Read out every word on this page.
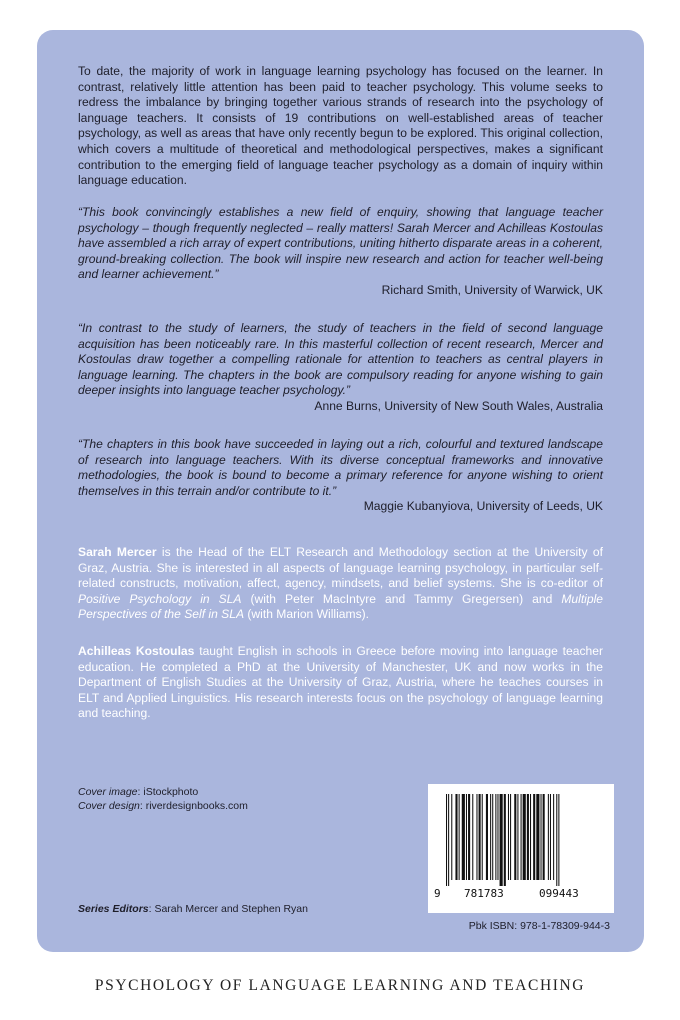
To date, the majority of work in language learning psychology has focused on the learner. In contrast, relatively little attention has been paid to teacher psychology. This volume seeks to redress the imbalance by bringing together various strands of research into the psychology of language teachers. It consists of 19 contributions on well-established areas of teacher psychology, as well as areas that have only recently begun to be explored. This original collection, which covers a multitude of theoretical and methodological perspectives, makes a significant contribution to the emerging field of language teacher psychology as a domain of inquiry within language education.

“This book convincingly establishes a new field of enquiry, showing that language teacher psychology – though frequently neglected – really matters! Sarah Mercer and Achilleas Kostoulas have assembled a rich array of expert contributions, uniting hitherto disparate areas in a coherent, ground-breaking collection. The book will inspire new research and action for teacher well-being and learner achievement.”

Richard Smith, University of Warwick, UK

“In contrast to the study of learners, the study of teachers in the field of second language acquisition has been noticeably rare. In this masterful collection of recent research, Mercer and Kostoulas draw together a compelling rationale for attention to teachers as central players in language learning. The chapters in the book are compulsory reading for anyone wishing to gain deeper insights into language teacher psychology.”

Anne Burns, University of New South Wales, Australia

“The chapters in this book have succeeded in laying out a rich, colourful and textured landscape of research into language teachers. With its diverse conceptual frameworks and innovative methodologies, the book is bound to become a primary reference for anyone wishing to orient themselves in this terrain and/or contribute to it.”

Maggie Kubanyiova, University of Leeds, UK

Sarah Mercer is the Head of the ELT Research and Methodology section at the University of Graz, Austria. She is interested in all aspects of language learning psychology, in particular self-related constructs, motivation, affect, agency, mindsets, and belief systems. She is co-editor of Positive Psychology in SLA (with Peter MacIntyre and Tammy Gregersen) and Multiple Perspectives of the Self in SLA (with Marion Williams).

Achilleas Kostoulas taught English in schools in Greece before moving into language teacher education. He completed a PhD at the University of Manchester, UK and now works in the Department of English Studies at the University of Graz, Austria, where he teaches courses in ELT and Applied Linguistics. His research interests focus on the psychology of language learning and teaching.

Cover image: iStockphoto
Cover design: riverdesignbooks.com
Series Editors: Sarah Mercer and Stephen Ryan
9 781783	099443
Pbk ISBN: 978-1-78309-944-3
PSYCHOLOGY OF LANGUAGE LEARNING AND TEACHING
